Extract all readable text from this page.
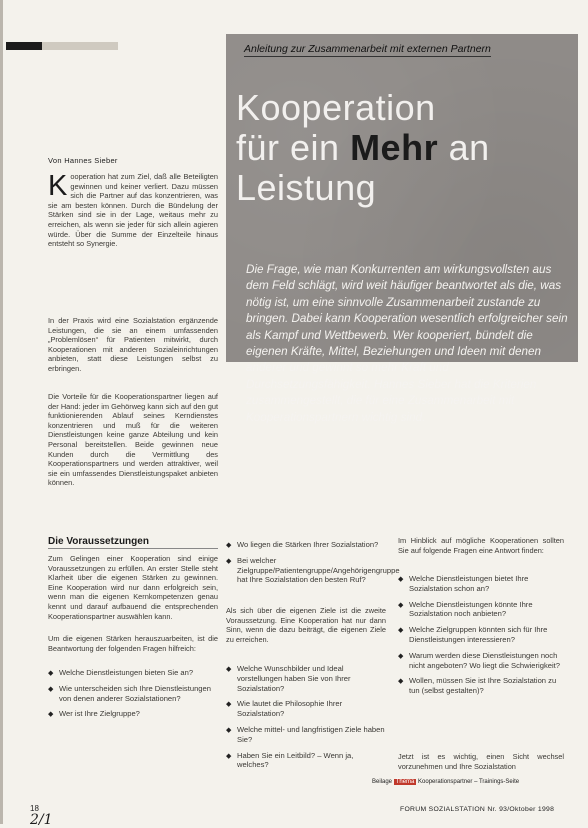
Anleitung zur Zusammenarbeit mit externen Partnern
Kooperation
für ein Mehr an
Leistung

Die Frage, wie man Konkurrenten am wirkungsvollsten aus dem Feld schlägt, wird weit häufiger beantwortet als die, was nötig ist, um eine sinnvolle Zusammenarbeit zustande zu bringen. Dabei kann Kooperation wesentlich erfolgreicher sein als Kampf und Wettbewerb. Wer kooperiert, bündelt die eigenen Kräfte, Mittel, Beziehungen und Ideen mit denen anderer und gewinnt so mehr Kraft und Durchsetzungsfähigkeit. Hannes Sieber hat die Kriterien zusammengestellt, die für eine Zusammenarbeit mit Kooperationspartnern wichtig sind.

Von Hannes Sieber
Kooperation hat zum Ziel, daß alle Beteiligten gewinnen und keiner verliert. Dazu müssen sich die Partner auf das konzentrieren, was sie am besten können. Durch die Bündelung der Stärken sind sie in der Lage, weitaus mehr zu erreichen, als wenn sie jeder für sich allein agieren würde. Über die Summe der Einzelteile hinaus entsteht so Synergie.

In der Praxis wird eine Sozialstation ergänzende Leistungen, die sie an einem umfassenden „Problemlösen“ für Patienten mitwirkt, durch Kooperationen mit anderen Sozialeinrichtungen anbieten, statt diese Leistungen selbst zu erbringen.

Die Vorteile für die Kooperationspartner liegen auf der Hand: jeder im Gehörweg kann sich auf den gut funktionierenden Ablauf seines Kerndienstes konzentrieren und muß für die weiteren Dienstleistungen keine ganze Abteilung und kein Personal bereitstellen. Beide gewinnen neue Kunden durch die Vermittlung des Kooperationspartners und werden attraktiver, weil sie ein umfassendes Dienstleistungspaket anbieten können.

Die Voraussetzungen

Zum Gelingen einer Kooperation sind einige Voraussetzungen zu erfüllen. An erster Stelle steht Klarheit über die eigenen Stärken zu gewinnen. Eine Kooperation wird nur dann erfolgreich sein, wenn man die eigenen Kernkompetenzen genau kennt und darauf aufbauend die entsprechenden Kooperationspartner auswählen kann.

Um die eigenen Stärken herauszuarbeiten, ist die Beantwortung der folgenden Fragen hilfreich:

◆ Welche Dienstleistungen bieten Sie an?
◆ Wie unterscheiden sich Ihre Dienstleistungen von denen anderer Sozialstationen?
◆ Wer ist Ihre Zielgruppe?
◆ Wo liegen die Stärken Ihrer Sozialstation?
◆ Bei welcher Zielgruppe/Patientengruppe/Angehörigengruppe hat Ihre Sozialstation den besten Ruf?

Als sich über die eigenen Ziele ist die zweite Voraussetzung. Eine Kooperation hat nur dann Sinn, wenn die dazu beiträgt, die eigenen Ziele zu erreichen.

◆ Welche Wunschbilder und Ideal vorstellungen haben Sie von Ihrer Sozialstation?
◆ Wie lautet die Philosophie Ihrer Sozialstation?
◆ Welche mittel- und langfristigen Ziele haben Sie?
◆ Haben Sie ein Leitbild? – Wenn ja, welches?

Im Hinblick auf mögliche Kooperationen sollten Sie auf folgende Fragen eine Antwort finden:

◆ Welche Dienstleistungen bietet Ihre Sozialstation schon an?
◆ Welche Dienstleistungen könnte Ihre Sozialstation noch anbieten?
◆ Welche Zielgruppen könnten sich für Ihre Dienstleistungen interessieren?
◆ Warum werden diese Dienstleistungen noch nicht angeboten? Wo liegt die Schwierigkeit?
◆ Wollen, müssen Sie ist Ihre Sozialstation zu tun (selbst gestalten)?

Jetzt ist es wichtig, einen Sicht wechsel vorzunehmen und Ihre Sozialstation

Beilage Thema Kooperationspartner – Trainings-Seite
18
2/1
FORUM SOZIALSTATION Nr. 93/Oktober 1998
